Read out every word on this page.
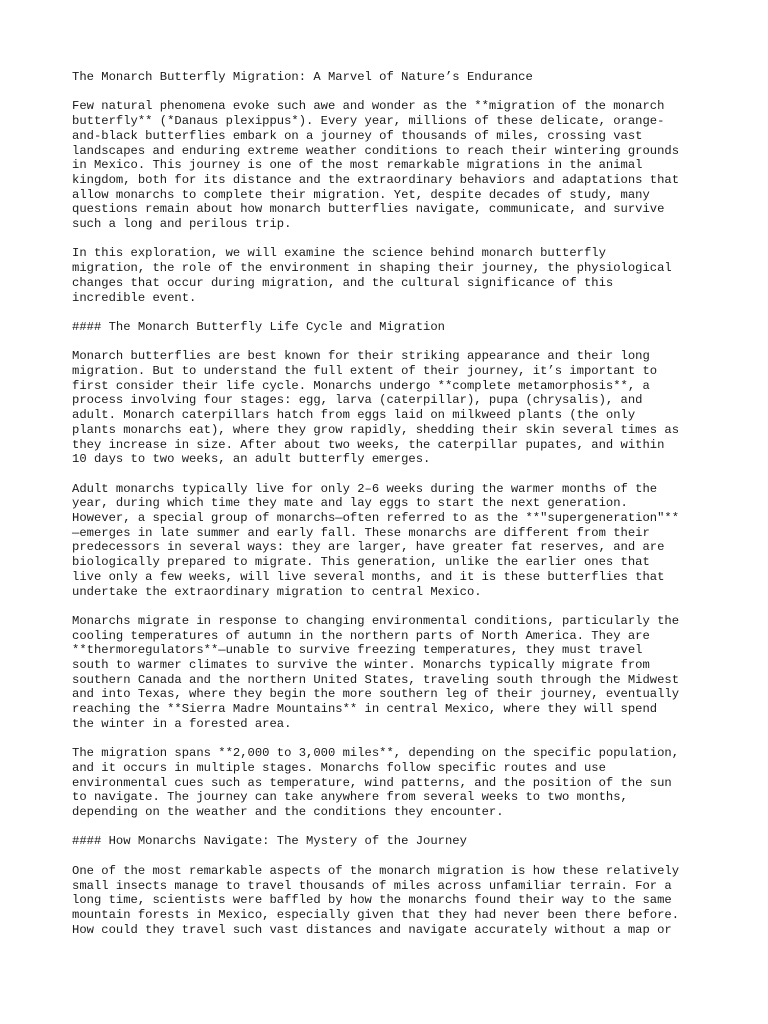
The Monarch Butterfly Migration: A Marvel of Nature’s Endurance

Few natural phenomena evoke such awe and wonder as the **migration of the monarch
butterfly** (*Danaus plexippus*). Every year, millions of these delicate, orange-
and-black butterflies embark on a journey of thousands of miles, crossing vast
landscapes and enduring extreme weather conditions to reach their wintering grounds
in Mexico. This journey is one of the most remarkable migrations in the animal
kingdom, both for its distance and the extraordinary behaviors and adaptations that
allow monarchs to complete their migration. Yet, despite decades of study, many
questions remain about how monarch butterflies navigate, communicate, and survive
such a long and perilous trip.

In this exploration, we will examine the science behind monarch butterfly
migration, the role of the environment in shaping their journey, the physiological
changes that occur during migration, and the cultural significance of this
incredible event.

#### The Monarch Butterfly Life Cycle and Migration

Monarch butterflies are best known for their striking appearance and their long
migration. But to understand the full extent of their journey, it’s important to
first consider their life cycle. Monarchs undergo **complete metamorphosis**, a
process involving four stages: egg, larva (caterpillar), pupa (chrysalis), and
adult. Monarch caterpillars hatch from eggs laid on milkweed plants (the only
plants monarchs eat), where they grow rapidly, shedding their skin several times as
they increase in size. After about two weeks, the caterpillar pupates, and within
10 days to two weeks, an adult butterfly emerges.

Adult monarchs typically live for only 2–6 weeks during the warmer months of the
year, during which time they mate and lay eggs to start the next generation.
However, a special group of monarchs—often referred to as the **"supergeneration"**
—emerges in late summer and early fall. These monarchs are different from their
predecessors in several ways: they are larger, have greater fat reserves, and are
biologically prepared to migrate. This generation, unlike the earlier ones that
live only a few weeks, will live several months, and it is these butterflies that
undertake the extraordinary migration to central Mexico.

Monarchs migrate in response to changing environmental conditions, particularly the
cooling temperatures of autumn in the northern parts of North America. They are
**thermoregulators**—unable to survive freezing temperatures, they must travel
south to warmer climates to survive the winter. Monarchs typically migrate from
southern Canada and the northern United States, traveling south through the Midwest
and into Texas, where they begin the more southern leg of their journey, eventually
reaching the **Sierra Madre Mountains** in central Mexico, where they will spend
the winter in a forested area.

The migration spans **2,000 to 3,000 miles**, depending on the specific population,
and it occurs in multiple stages. Monarchs follow specific routes and use
environmental cues such as temperature, wind patterns, and the position of the sun
to navigate. The journey can take anywhere from several weeks to two months,
depending on the weather and the conditions they encounter.

#### How Monarchs Navigate: The Mystery of the Journey

One of the most remarkable aspects of the monarch migration is how these relatively
small insects manage to travel thousands of miles across unfamiliar terrain. For a
long time, scientists were baffled by how the monarchs found their way to the same
mountain forests in Mexico, especially given that they had never been there before.
How could they travel such vast distances and navigate accurately without a map or
